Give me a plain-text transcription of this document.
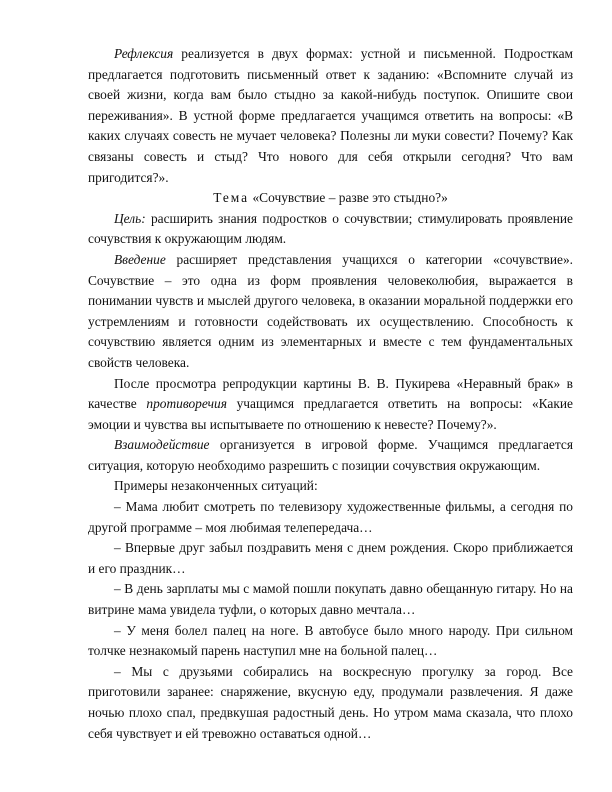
Рефлексия реализуется в двух формах: устной и письменной. Подросткам предлагается подготовить письменный ответ к заданию: «Вспомните случай из своей жизни, когда вам было стыдно за какой-нибудь поступок. Опишите свои переживания». В устной форме предлагается учащимся ответить на вопросы: «В каких случаях совесть не мучает человека? Полезны ли муки совести? Почему? Как связаны совесть и стыд? Что нового для себя открыли сегодня? Что вам пригодится?».

Тема «Сочувствие – разве это стыдно?»

Цель: расширить знания подростков о сочувствии; стимулировать проявление сочувствия к окружающим людям.

Введение расширяет представления учащихся о категории «сочувствие». Сочувствие – это одна из форм проявления человеколюбия, выражается в понимании чувств и мыслей другого человека, в оказании моральной поддержки его устремлениям и готовности содействовать их осуществлению. Способность к сочувствию является одним из элементарных и вместе с тем фундаментальных свойств человека.

После просмотра репродукции картины В. В. Пукирева «Неравный брак» в качестве противоречия учащимся предлагается ответить на вопросы: «Какие эмоции и чувства вы испытываете по отношению к невесте? Почему?».

Взаимодействие организуется в игровой форме. Учащимся предлагается ситуация, которую необходимо разрешить с позиции сочувствия окружающим.

Примеры незаконченных ситуаций:

– Мама любит смотреть по телевизору художественные фильмы, а сегодня по другой программе – моя любимая телепередача…

– Впервые друг забыл поздравить меня с днем рождения. Скоро приближается и его праздник…

– В день зарплаты мы с мамой пошли покупать давно обещанную гитару. Но на витрине мама увидела туфли, о которых давно мечтала…

– У меня болел палец на ноге. В автобусе было много народу. При сильном толчке незнакомый парень наступил мне на больной палец…

– Мы с друзьями собирались на воскресную прогулку за город. Все приготовили заранее: снаряжение, вкусную еду, продумали развлечения. Я даже ночью плохо спал, предвкушая радостный день. Но утром мама сказала, что плохо себя чувствует и ей тревожно оставаться одной…
